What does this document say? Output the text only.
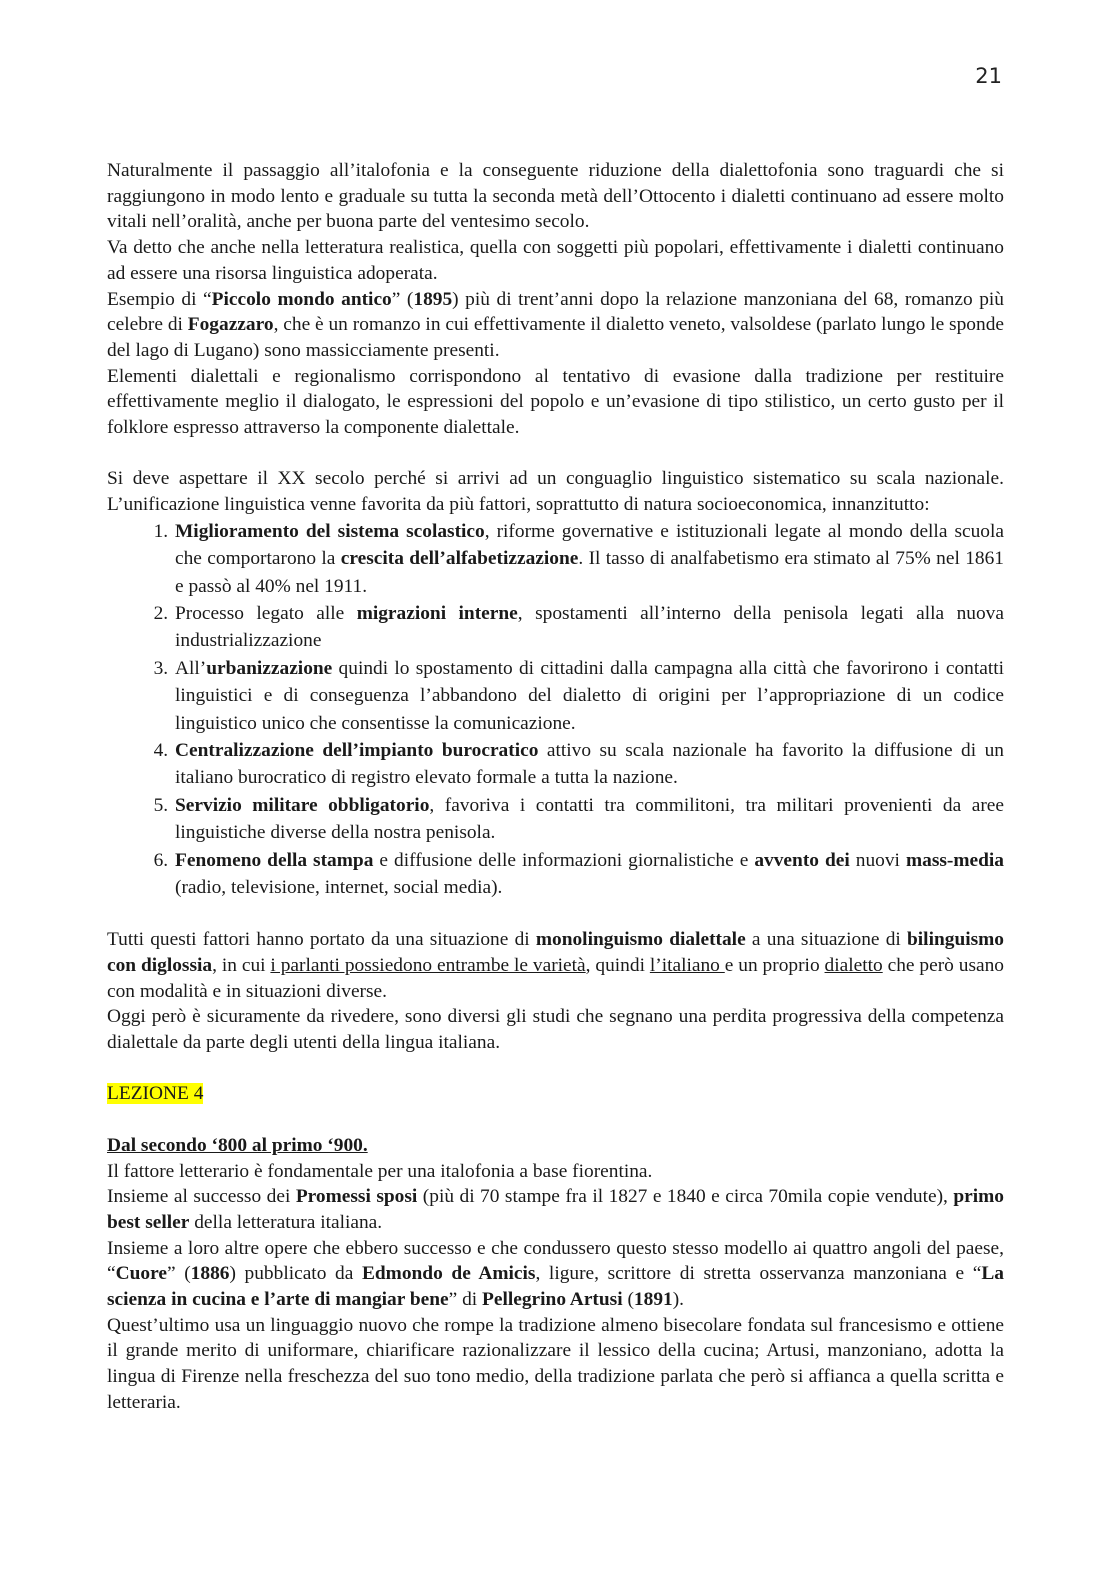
21

Naturalmente il passaggio all’italofonia e la conseguente riduzione della dialettofonia sono traguardi che si raggiungono in modo lento e graduale su tutta la seconda metà dell’Ottocento i dialetti continuano ad essere molto vitali nell’oralità, anche per buona parte del ventesimo secolo.

Va detto che anche nella letteratura realistica, quella con soggetti più popolari, effettivamente i dialetti continuano ad essere una risorsa linguistica adoperata.

Esempio di “Piccolo mondo antico” (1895) più di trent’anni dopo la relazione manzoniana del 68, romanzo più celebre di Fogazzaro, che è un romanzo in cui effettivamente il dialetto veneto, valsoldese (parlato lungo le sponde del lago di Lugano) sono massicciamente presenti.

Elementi dialettali e regionalismo corrispondono al tentativo di evasione dalla tradizione per restituire effettivamente meglio il dialogato, le espressioni del popolo e un’evasione di tipo stilistico, un certo gusto per il folklore espresso attraverso la componente dialettale.

Si deve aspettare il XX secolo perché si arrivi ad un conguaglio linguistico sistematico su scala nazionale. L’unificazione linguistica venne favorita da più fattori, soprattutto di natura socioeconomica, innanzitutto:

1. Miglioramento del sistema scolastico, riforme governative e istituzionali legate al mondo della scuola che comportarono la crescita dell’alfabetizzazione. Il tasso di analfabetismo era stimato al 75% nel 1861 e passò al 40% nel 1911.
2. Processo legato alle migrazioni interne, spostamenti all’interno della penisola legati alla nuova industrializzazione
3. All’urbanizzazione quindi lo spostamento di cittadini dalla campagna alla città che favorirono i contatti linguistici e di conseguenza l’abbandono del dialetto di origini per l’appropriazione di un codice linguistico unico che consentisse la comunicazione.
4. Centralizzazione dell’impianto burocratico attivo su scala nazionale ha favorito la diffusione di un italiano burocratico di registro elevato formale a tutta la nazione.
5. Servizio militare obbligatorio, favoriva i contatti tra commilitoni, tra militari provenienti da aree linguistiche diverse della nostra penisola.
6. Fenomeno della stampa e diffusione delle informazioni giornalistiche e avvento dei nuovi mass-media (radio, televisione, internet, social media).

Tutti questi fattori hanno portato da una situazione di monolinguismo dialettale a una situazione di bilinguismo con diglossia, in cui i parlanti possiedono entrambe le varietà, quindi l’italiano e un proprio dialetto che però usano con modalità e in situazioni diverse.

Oggi però è sicuramente da rivedere, sono diversi gli studi che segnano una perdita progressiva della competenza dialettale da parte degli utenti della lingua italiana.

LEZIONE 4

Dal secondo ‘800 al primo ‘900.

Il fattore letterario è fondamentale per una italofonia a base fiorentina.

Insieme al successo dei Promessi sposi (più di 70 stampe fra il 1827 e 1840 e circa 70mila copie vendute), primo best seller della letteratura italiana.

Insieme a loro altre opere che ebbero successo e che condussero questo stesso modello ai quattro angoli del paese, “Cuore” (1886) pubblicato da Edmondo de Amicis, ligure, scrittore di stretta osservanza manzoniana e “La scienza in cucina e l’arte di mangiar bene” di Pellegrino Artusi (1891).

Quest’ultimo usa un linguaggio nuovo che rompe la tradizione almeno bisecolare fondata sul francesismo e ottiene il grande merito di uniformare, chiarificare razionalizzare il lessico della cucina; Artusi, manzoniano, adotta la lingua di Firenze nella freschezza del suo tono medio, della tradizione parlata che però si affianca a quella scritta e letteraria.
